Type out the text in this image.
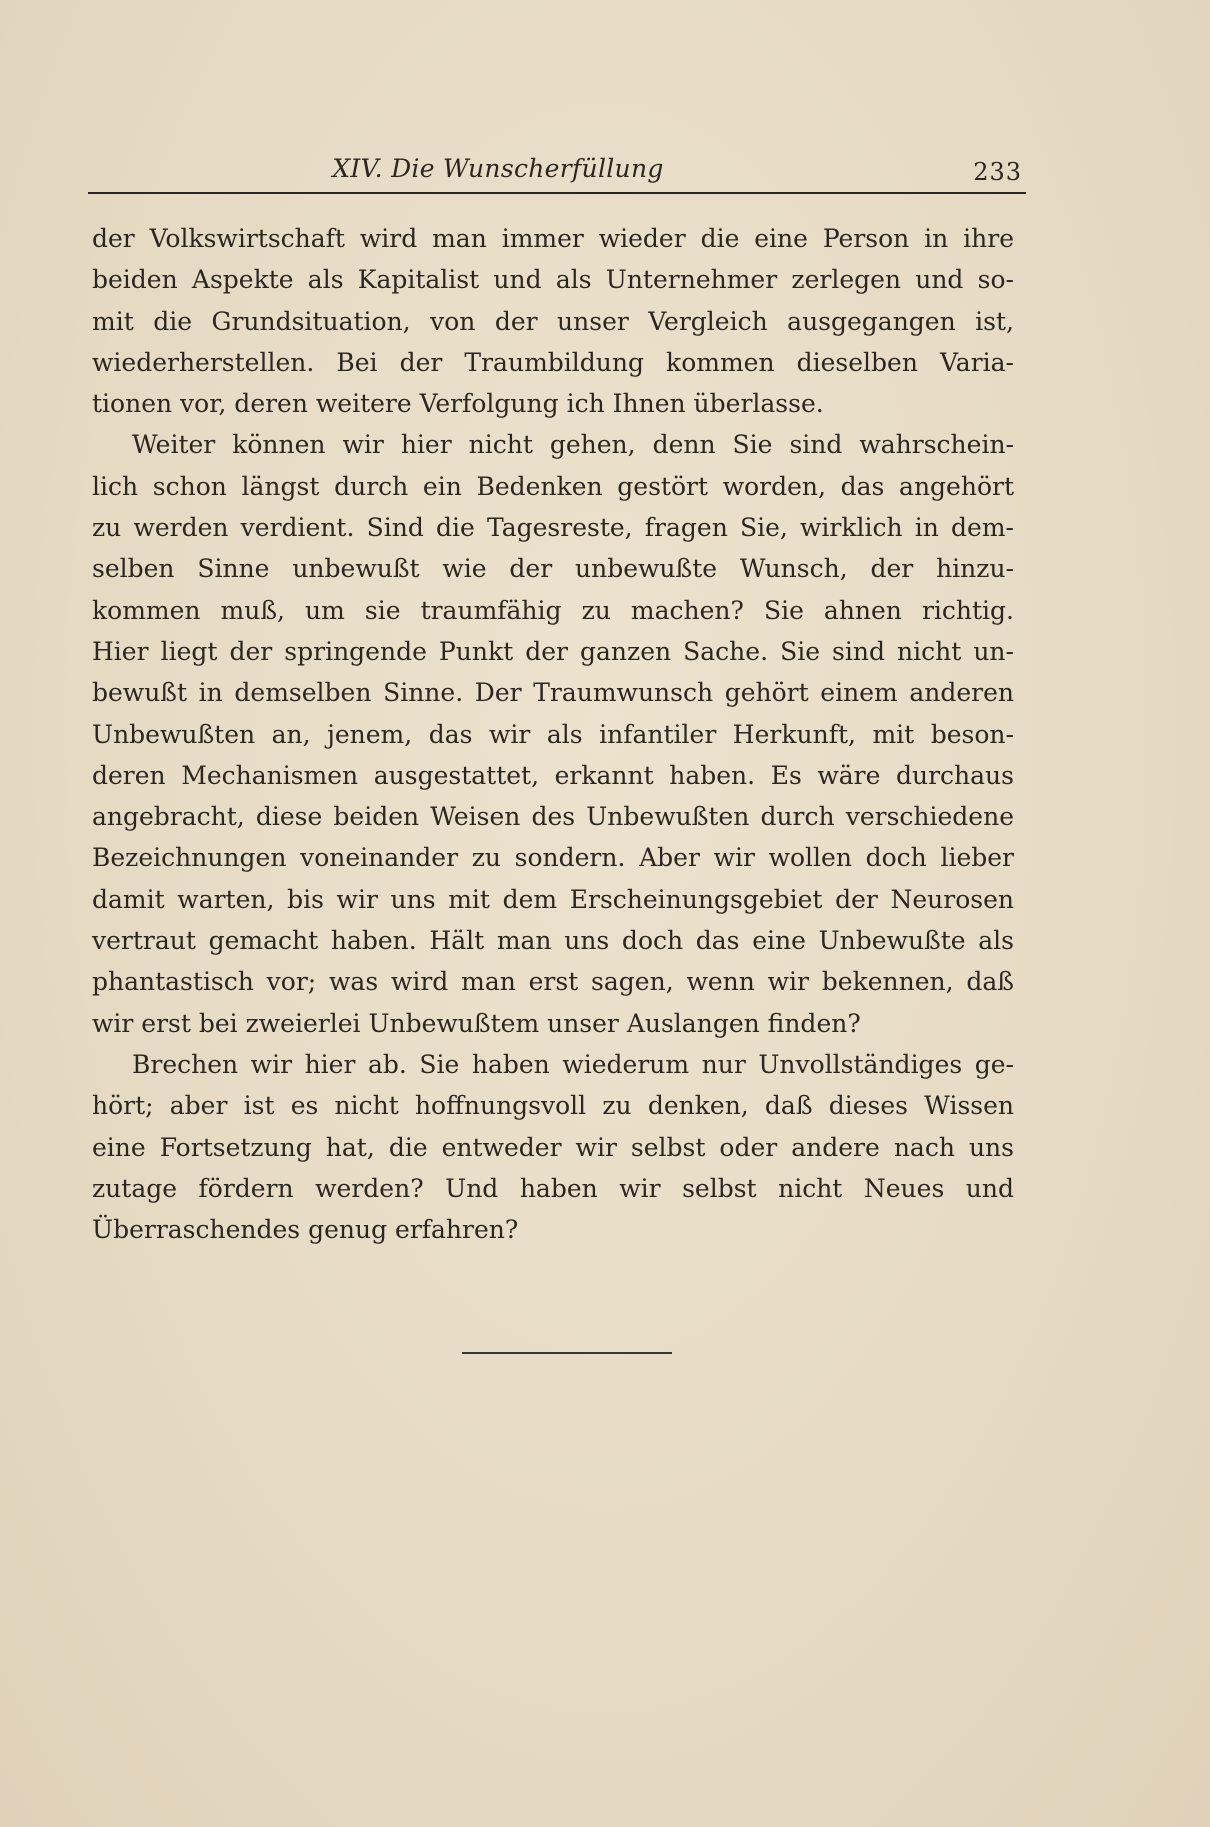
XIV. Die Wunscherfüllung	233
der Volkswirtschaft wird man immer wieder die eine Person in ihre
beiden Aspekte als Kapitalist und als Unternehmer zerlegen und so-
mit die Grundsituation, von der unser Vergleich ausgegangen ist,
wiederherstellen. Bei der Traumbildung kommen dieselben Varia-
tionen vor, deren weitere Verfolgung ich Ihnen überlasse.
Weiter können wir hier nicht gehen, denn Sie sind wahrschein-
lich schon längst durch ein Bedenken gestört worden, das angehört
zu werden verdient. Sind die Tagesreste, fragen Sie, wirklich in dem-
selben Sinne unbewußt wie der unbewußte Wunsch, der hinzu-
kommen muß, um sie traumfähig zu machen? Sie ahnen richtig.
Hier liegt der springende Punkt der ganzen Sache. Sie sind nicht un-
bewußt in demselben Sinne. Der Traumwunsch gehört einem anderen
Unbewußten an, jenem, das wir als infantiler Herkunft, mit beson-
deren Mechanismen ausgestattet, erkannt haben. Es wäre durchaus
angebracht, diese beiden Weisen des Unbewußten durch verschiedene
Bezeichnungen voneinander zu sondern. Aber wir wollen doch lieber
damit warten, bis wir uns mit dem Erscheinungsgebiet der Neurosen
vertraut gemacht haben. Hält man uns doch das eine Unbewußte als
phantastisch vor; was wird man erst sagen, wenn wir bekennen, daß
wir erst bei zweierlei Unbewußtem unser Auslangen finden?
Brechen wir hier ab. Sie haben wiederum nur Unvollständiges ge-
hört; aber ist es nicht hoffnungsvoll zu denken, daß dieses Wissen
eine Fortsetzung hat, die entweder wir selbst oder andere nach uns
zutage fördern werden? Und haben wir selbst nicht Neues und
Überraschendes genug erfahren?
